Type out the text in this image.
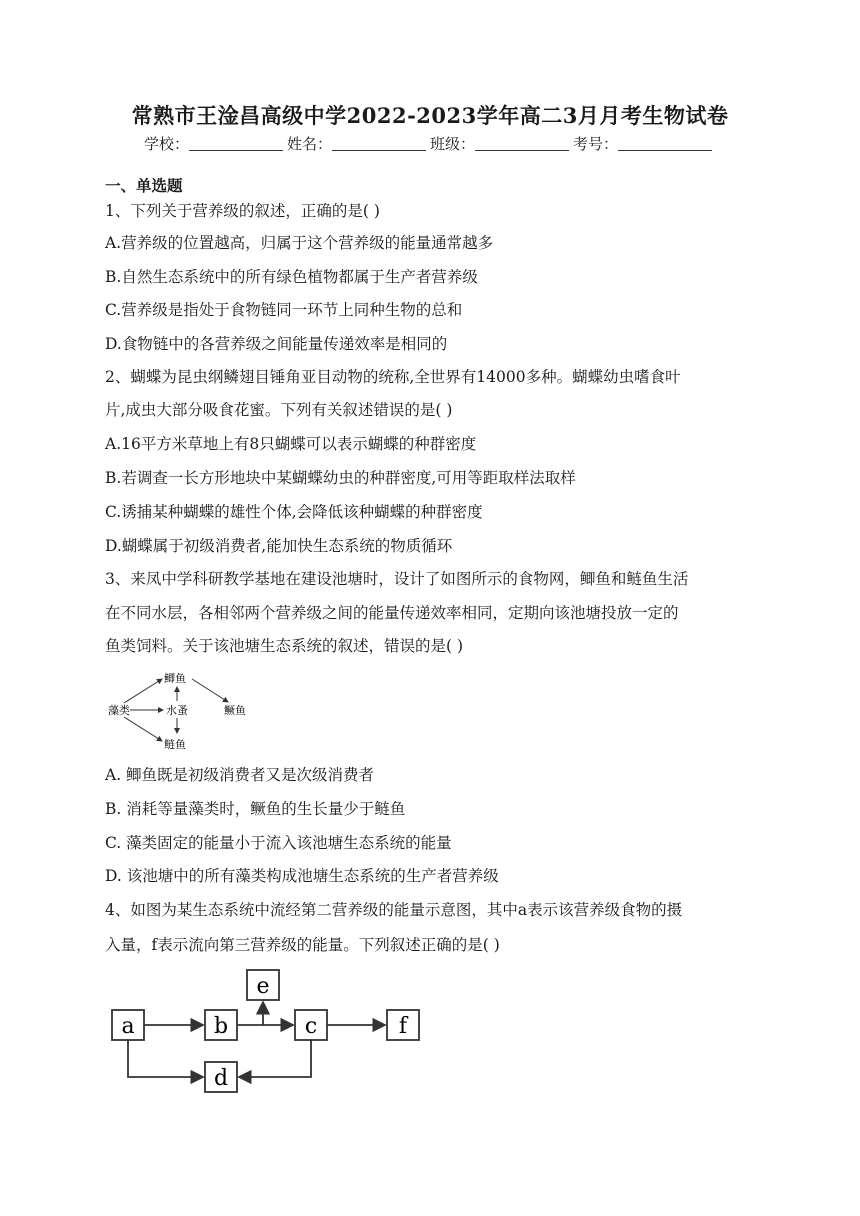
常熟市王淦昌高级中学2022-2023学年高二3月月考生物试卷
学校：	姓名：	班级：	考号：
一、单选题
1、下列关于营养级的叙述，正确的是( )
A.营养级的位置越高，归属于这个营养级的能量通常越多
B.自然生态系统中的所有绿色植物都属于生产者营养级
C.营养级是指处于食物链同一环节上同种生物的总和
D.食物链中的各营养级之间能量传递效率是相同的
2、蝴蝶为昆虫纲鳞翅目锤角亚目动物的统称,全世界有14000多种。蝴蝶幼虫嗜食叶
片,成虫大部分吸食花蜜。下列有关叙述错误的是( )
A.16平方米草地上有8只蝴蝶可以表示蝴蝶的种群密度
B.若调查一长方形地块中某蝴蝶幼虫的种群密度,可用等距取样法取样
C.诱捕某种蝴蝶的雄性个体,会降低该种蝴蝶的种群密度
D.蝴蝶属于初级消费者,能加快生态系统的物质循环
3、来凤中学科研教学基地在建设池塘时，设计了如图所示的食物网，鲫鱼和鲢鱼生活
在不同水层，各相邻两个营养级之间的能量传递效率相同，定期向该池塘投放一定的
鱼类饲料。关于该池塘生态系统的叙述，错误的是( )
藻类
鲫鱼
水蚤	鳜鱼
鲢鱼
A. 鲫鱼既是初级消费者又是次级消费者
B. 消耗等量藻类时，鳜鱼的生长量少于鲢鱼
C. 藻类固定的能量小于流入该池塘生态系统的能量
D. 该池塘中的所有藻类构成池塘生态系统的生产者营养级
4、如图为某生态系统中流经第二营养级的能量示意图，其中a表示该营养级食物的摄
入量，f表示流向第三营养级的能量。下列叙述正确的是( )
a	b
e
c	f
d
